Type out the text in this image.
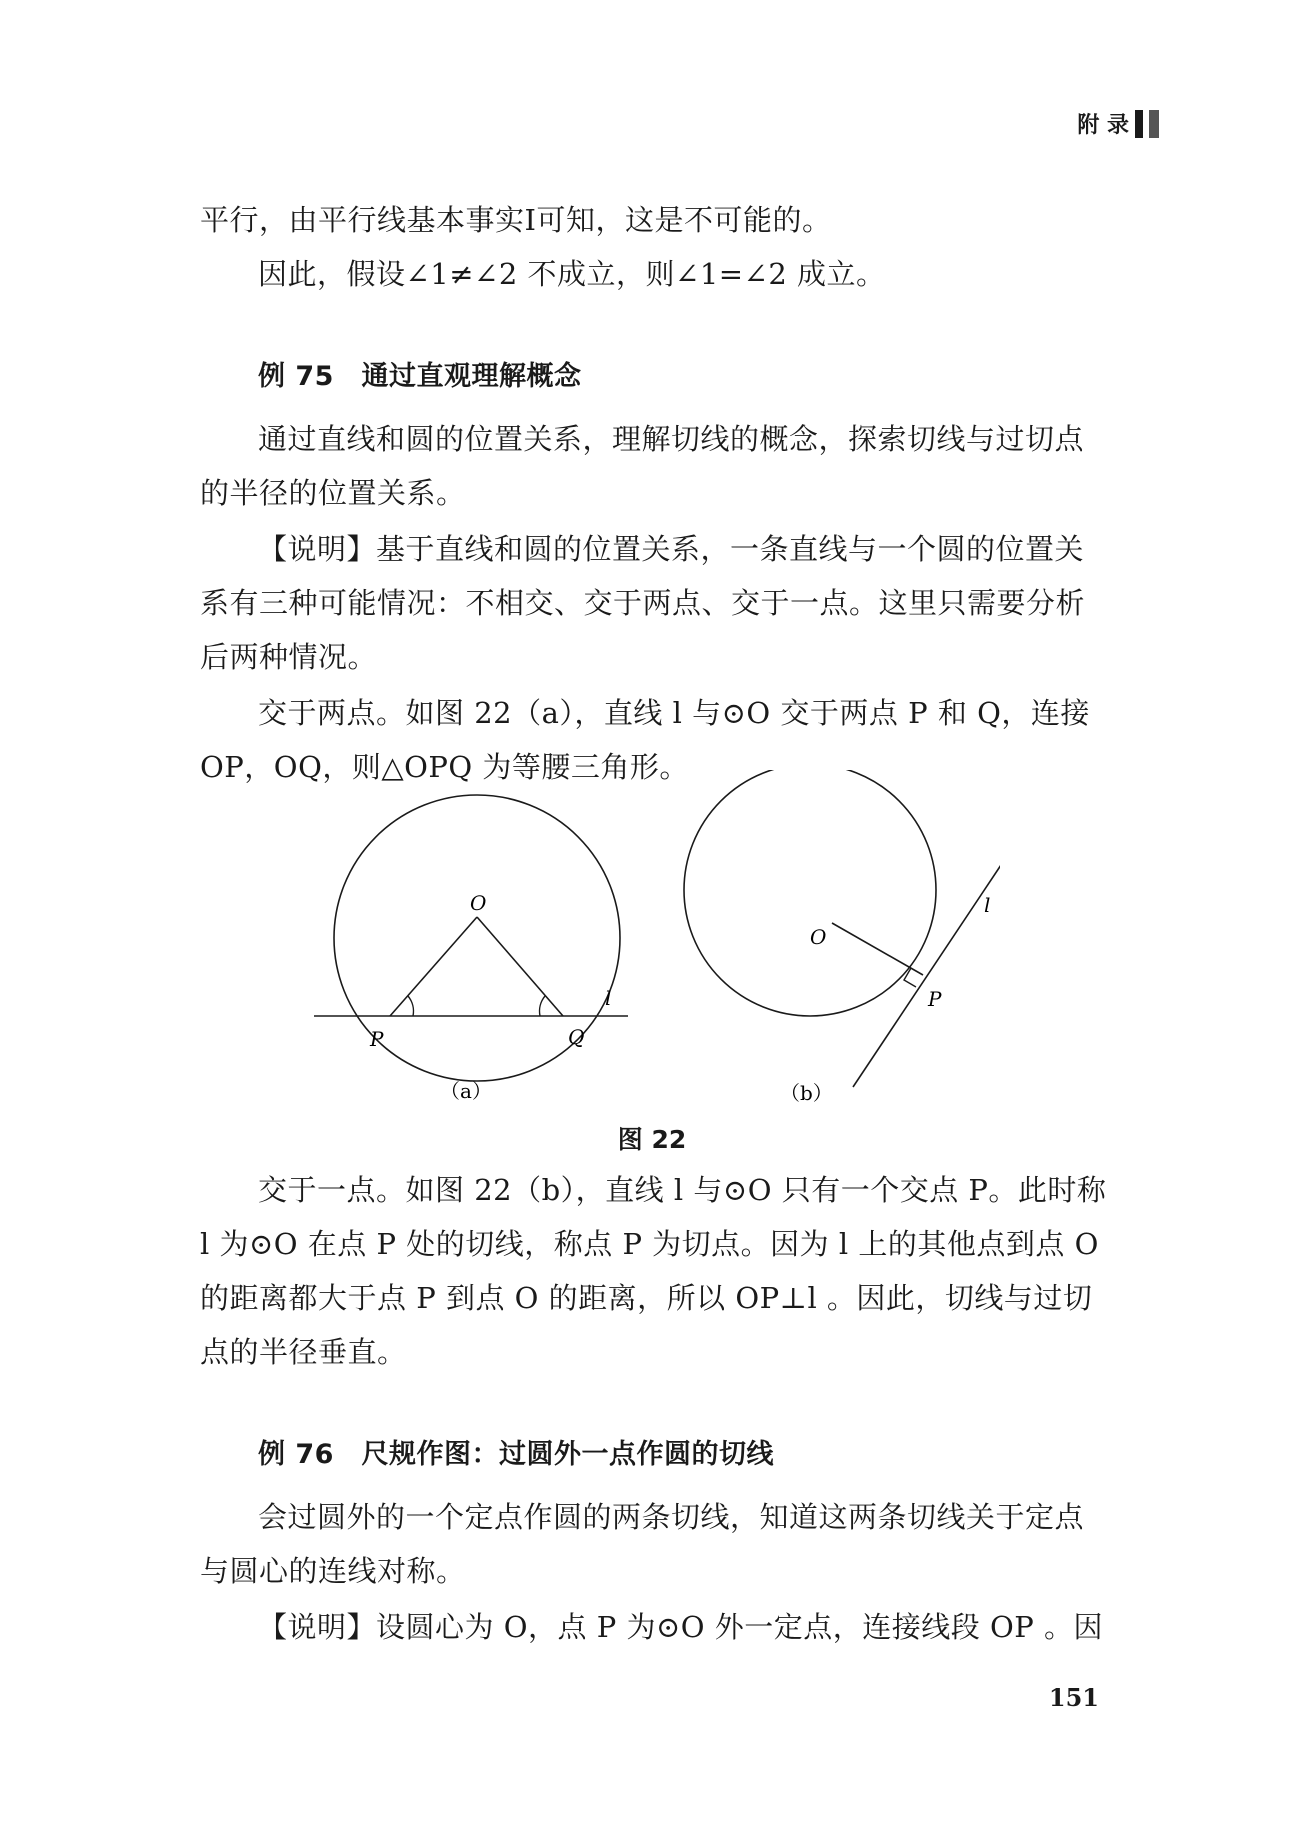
附 录

平行，由平行线基本事实Ⅰ可知，这是不可能的。

因此，假设∠1≠∠2 不成立，则∠1=∠2 成立。

例 75　通过直观理解概念

通过直线和圆的位置关系，理解切线的概念，探索切线与过切点的半径的位置关系。

【说明】基于直线和圆的位置关系，一条直线与一个圆的位置关系有三种可能情况：不相交、交于两点、交于一点。这里只需要分析后两种情况。

交于两点。如图 22（a），直线 l 与⊙O 交于两点 P 和 Q，连接 OP，OQ，则△OPQ 为等腰三角形。

O
P	Q
l
（a）
O
P
l
（b）
图 22

交于一点。如图 22（b），直线 l 与⊙O 只有一个交点 P。此时称 l 为⊙O 在点 P 处的切线，称点 P 为切点。因为 l 上的其他点到点 O 的距离都大于点 P 到点 O 的距离，所以 OP⊥l 。因此，切线与过切点的半径垂直。

例 76　尺规作图：过圆外一点作圆的切线

会过圆外的一个定点作圆的两条切线，知道这两条切线关于定点与圆心的连线对称。

【说明】设圆心为 O，点 P 为⊙O 外一定点，连接线段 OP 。因

151
